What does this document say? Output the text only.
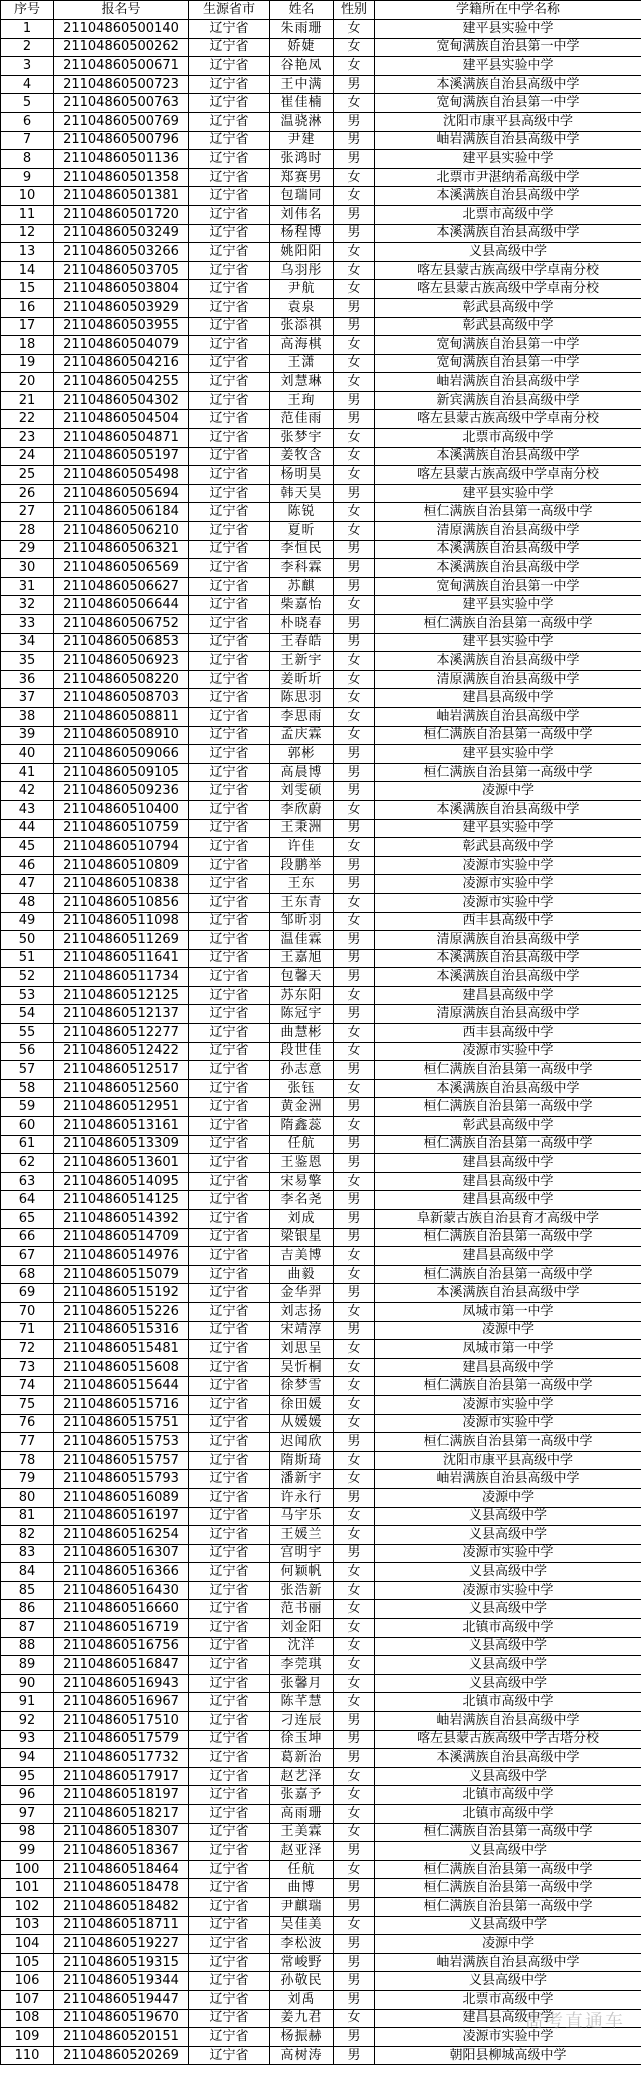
序号	报名号	生源省市	姓名	性别	学籍所在中学名称
1	21104860500140	辽宁省	朱雨珊	女	建平县实验中学
2	21104860500262	辽宁省	娇婕	女	宽甸满族自治县第一中学
3	21104860500671	辽宁省	谷艳凤	女	建平县实验中学
4	21104860500723	辽宁省	王中满	男	本溪满族自治县高级中学
5	21104860500763	辽宁省	崔佳楠	女	宽甸满族自治县第一中学
6	21104860500769	辽宁省	温骁淋	男	沈阳市康平县高级中学
7	21104860500796	辽宁省	尹建	男	岫岩满族自治县高级中学
8	21104860501136	辽宁省	张鸿时	男	建平县实验中学
9	21104860501358	辽宁省	郑赛男	女	北票市尹湛纳希高级中学
10	21104860501381	辽宁省	包瑞同	女	本溪满族自治县高级中学
11	21104860501720	辽宁省	刘伟名	男	北票市高级中学
12	21104860503249	辽宁省	杨程博	男	本溪满族自治县高级中学
13	21104860503266	辽宁省	姚阳阳	女	义县高级中学
14	21104860503705	辽宁省	乌羽彤	女	喀左县蒙古族高级中学卓南分校
15	21104860503804	辽宁省	尹航	女	喀左县蒙古族高级中学卓南分校
16	21104860503929	辽宁省	袁泉	男	彰武县高级中学
17	21104860503955	辽宁省	张添祺	男	彰武县高级中学
18	21104860504079	辽宁省	高海棋	女	宽甸满族自治县第一中学
19	21104860504216	辽宁省	王潇	女	宽甸满族自治县第一中学
20	21104860504255	辽宁省	刘慧琳	女	岫岩满族自治县高级中学
21	21104860504302	辽宁省	王珣	男	新宾满族自治县高级中学
22	21104860504504	辽宁省	范佳雨	男	喀左县蒙古族高级中学卓南分校
23	21104860504871	辽宁省	张梦宇	女	北票市高级中学
24	21104860505197	辽宁省	姜牧含	女	本溪满族自治县高级中学
25	21104860505498	辽宁省	杨明昊	女	喀左县蒙古族高级中学卓南分校
26	21104860505694	辽宁省	韩天昊	男	建平县实验中学
27	21104860506184	辽宁省	陈锐	女	桓仁满族自治县第一高级中学
28	21104860506210	辽宁省	夏昕	女	清原满族自治县高级中学
29	21104860506321	辽宁省	李恒民	男	本溪满族自治县高级中学
30	21104860506569	辽宁省	李科霖	男	本溪满族自治县高级中学
31	21104860506627	辽宁省	苏麒	男	宽甸满族自治县第一中学
32	21104860506644	辽宁省	柴嘉怡	女	建平县实验中学
33	21104860506752	辽宁省	朴晓春	男	桓仁满族自治县第一高级中学
34	21104860506853	辽宁省	王春皓	男	建平县实验中学
35	21104860506923	辽宁省	王新宇	女	本溪满族自治县高级中学
36	21104860508220	辽宁省	姜昕圻	女	清原满族自治县高级中学
37	21104860508703	辽宁省	陈思羽	女	建昌县高级中学
38	21104860508811	辽宁省	李思雨	女	岫岩满族自治县高级中学
39	21104860508910	辽宁省	孟庆霖	女	桓仁满族自治县第一高级中学
40	21104860509066	辽宁省	郭彬	男	建平县实验中学
41	21104860509105	辽宁省	高晨博	男	桓仁满族自治县第一高级中学
42	21104860509236	辽宁省	刘雯硕	男	凌源中学
43	21104860510400	辽宁省	李欣蔚	女	本溪满族自治县高级中学
44	21104860510759	辽宁省	王秉洲	男	建平县实验中学
45	21104860510794	辽宁省	许佳	女	彰武县高级中学
46	21104860510809	辽宁省	段鹏举	男	凌源市实验中学
47	21104860510838	辽宁省	王东	男	凌源市实验中学
48	21104860510856	辽宁省	王东青	女	凌源市实验中学
49	21104860511098	辽宁省	邹昕羽	女	西丰县高级中学
50	21104860511269	辽宁省	温佳霖	男	清原满族自治县高级中学
51	21104860511641	辽宁省	王嘉旭	男	本溪满族自治县高级中学
52	21104860511734	辽宁省	包馨天	男	本溪满族自治县高级中学
53	21104860512125	辽宁省	苏东阳	女	建昌县高级中学
54	21104860512137	辽宁省	陈冠宇	男	清原满族自治县高级中学
55	21104860512277	辽宁省	曲慧彬	女	西丰县高级中学
56	21104860512422	辽宁省	段世佳	女	凌源市实验中学
57	21104860512517	辽宁省	孙志意	男	桓仁满族自治县第一高级中学
58	21104860512560	辽宁省	张钰	女	本溪满族自治县高级中学
59	21104860512951	辽宁省	黄金洲	男	桓仁满族自治县第一高级中学
60	21104860513161	辽宁省	隋鑫蕊	女	彰武县高级中学
61	21104860513309	辽宁省	任航	男	桓仁满族自治县第一高级中学
62	21104860513601	辽宁省	王鉴恩	男	建昌县高级中学
63	21104860514095	辽宁省	宋易擎	女	建昌县高级中学
64	21104860514125	辽宁省	李名尧	男	建昌县高级中学
65	21104860514392	辽宁省	刘成	男	阜新蒙古族自治县育才高级中学
66	21104860514709	辽宁省	梁银星	男	桓仁满族自治县第一高级中学
67	21104860514976	辽宁省	吉美博	女	建昌县高级中学
68	21104860515079	辽宁省	曲毅	女	桓仁满族自治县第一高级中学
69	21104860515192	辽宁省	金华羿	男	本溪满族自治县高级中学
70	21104860515226	辽宁省	刘志扬	女	凤城市第一中学
71	21104860515316	辽宁省	宋靖淳	男	凌源中学
72	21104860515481	辽宁省	刘思呈	女	凤城市第一中学
73	21104860515608	辽宁省	吴忻桐	女	建昌县高级中学
74	21104860515644	辽宁省	徐梦雪	女	桓仁满族自治县第一高级中学
75	21104860515716	辽宁省	徐田媛	女	凌源市实验中学
76	21104860515751	辽宁省	从媛媛	女	凌源市实验中学
77	21104860515753	辽宁省	迟闻欣	男	桓仁满族自治县第一高级中学
78	21104860515757	辽宁省	隋斯琦	女	沈阳市康平县高级中学
79	21104860515793	辽宁省	潘新宇	女	岫岩满族自治县高级中学
80	21104860516089	辽宁省	许永行	男	凌源中学
81	21104860516197	辽宁省	马宇乐	女	义县高级中学
82	21104860516254	辽宁省	王媛兰	女	义县高级中学
83	21104860516307	辽宁省	宫明宇	男	凌源市实验中学
84	21104860516366	辽宁省	何颖帆	女	义县高级中学
85	21104860516430	辽宁省	张浩新	女	凌源市实验中学
86	21104860516660	辽宁省	范书丽	女	义县高级中学
87	21104860516719	辽宁省	刘金阳	女	北镇市高级中学
88	21104860516756	辽宁省	沈洋	女	义县高级中学
89	21104860516847	辽宁省	李莞琪	女	义县高级中学
90	21104860516943	辽宁省	张馨月	女	义县高级中学
91	21104860516967	辽宁省	陈芊慧	女	北镇市高级中学
92	21104860517510	辽宁省	刁连辰	男	岫岩满族自治县高级中学
93	21104860517579	辽宁省	徐玉坤	男	喀左县蒙古族高级中学古塔分校
94	21104860517732	辽宁省	葛新治	男	本溪满族自治县高级中学
95	21104860517917	辽宁省	赵艺泽	女	义县高级中学
96	21104860518197	辽宁省	张嘉予	女	北镇市高级中学
97	21104860518217	辽宁省	高雨珊	女	北镇市高级中学
98	21104860518307	辽宁省	王美霖	女	桓仁满族自治县第一高级中学
99	21104860518367	辽宁省	赵亚泽	男	义县高级中学
100	21104860518464	辽宁省	任航	女	桓仁满族自治县第一高级中学
101	21104860518478	辽宁省	曲博	男	桓仁满族自治县第一高级中学
102	21104860518482	辽宁省	尹麒瑞	男	桓仁满族自治县第一高级中学
103	21104860518711	辽宁省	吴佳美	女	义县高级中学
104	21104860519227	辽宁省	李松波	男	凌源中学
105	21104860519315	辽宁省	常峻野	男	岫岩满族自治县高级中学
106	21104860519344	辽宁省	孙敬民	男	义县高级中学
107	21104860519447	辽宁省	刘禹	男	北票市高级中学
108	21104860519670	辽宁省	姜九君	女	建昌县高级中学
109	21104860520151	辽宁省	杨振赫	男	凌源市实验中学
110	21104860520269	辽宁省	高树涛	男	朝阳县柳城高级中学
高考直通车
